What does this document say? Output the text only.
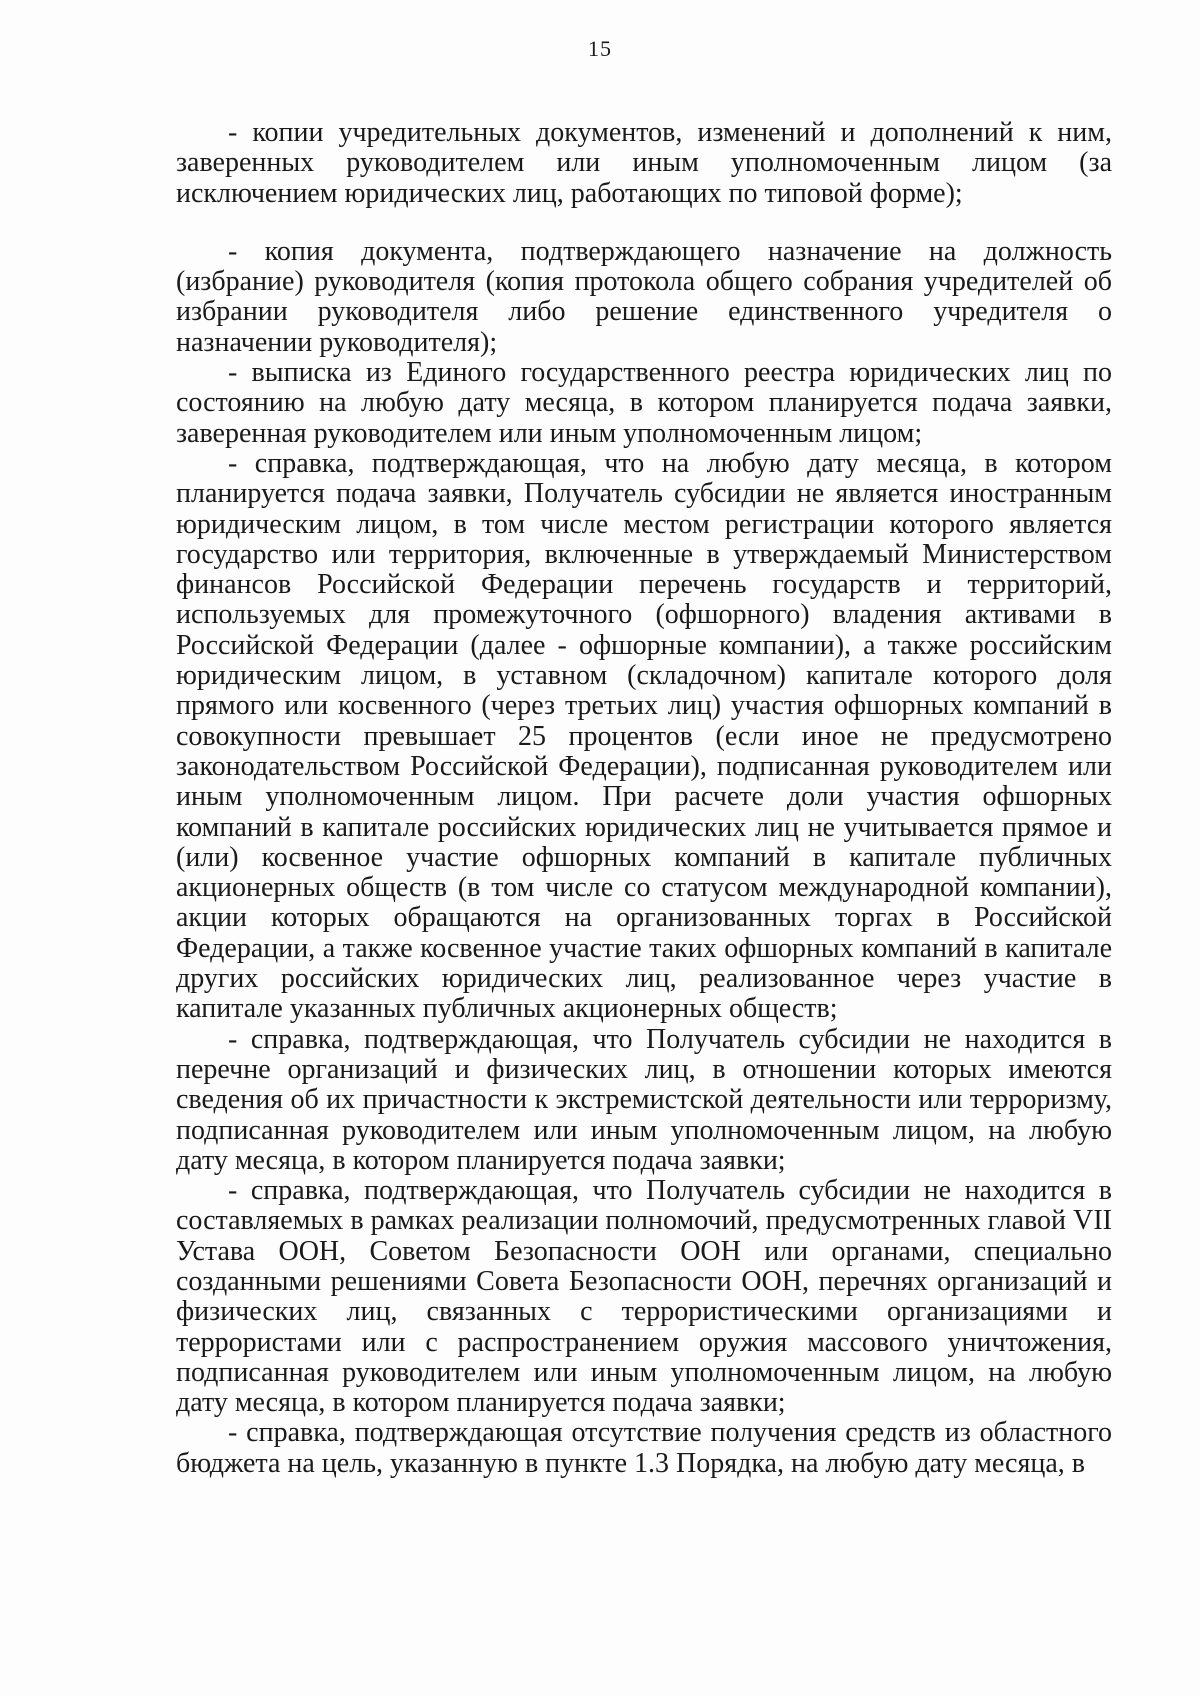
15

- копии учредительных документов, изменений и дополнений к ним, заверенных руководителем или иным уполномоченным лицом (за исключением юридических лиц, работающих по типовой форме);

- копия документа, подтверждающего назначение на должность (избрание) руководителя (копия протокола общего собрания учредителей об избрании руководителя либо решение единственного учредителя о назначении руководителя);

- выписка из Единого государственного реестра юридических лиц по состоянию на любую дату месяца, в котором планируется подача заявки, заверенная руководителем или иным уполномоченным лицом;

- справка, подтверждающая, что на любую дату месяца, в котором планируется подача заявки, Получатель субсидии не является иностранным юридическим лицом, в том числе местом регистрации которого является государство или территория, включенные в утверждаемый Министерством финансов Российской Федерации перечень государств и территорий, используемых для промежуточного (офшорного) владения активами в Российской Федерации (далее - офшорные компании), а также российским юридическим лицом, в уставном (складочном) капитале которого доля прямого или косвенного (через третьих лиц) участия офшорных компаний в совокупности превышает 25 процентов (если иное не предусмотрено законодательством Российской Федерации), подписанная руководителем или иным уполномоченным лицом. При расчете доли участия офшорных компаний в капитале российских юридических лиц не учитывается прямое и (или) косвенное участие офшорных компаний в капитале публичных акционерных обществ (в том числе со статусом международной компании), акции которых обращаются на организованных торгах в Российской Федерации, а также косвенное участие таких офшорных компаний в капитале других российских юридических лиц, реализованное через участие в капитале указанных публичных акционерных обществ;

- справка, подтверждающая, что Получатель субсидии не находится в перечне организаций и физических лиц, в отношении которых имеются сведения об их причастности к экстремистской деятельности или терроризму, подписанная руководителем или иным уполномоченным лицом, на любую дату месяца, в котором планируется подача заявки;

- справка, подтверждающая, что Получатель субсидии не находится в составляемых в рамках реализации полномочий, предусмотренных главой VII Устава ООН, Советом Безопасности ООН или органами, специально созданными решениями Совета Безопасности ООН, перечнях организаций и физических лиц, связанных с террористическими организациями и террористами или с распространением оружия массового уничтожения, подписанная руководителем или иным уполномоченным лицом, на любую дату месяца, в котором планируется подача заявки;

- справка, подтверждающая отсутствие получения средств из областного бюджета на цель, указанную в пункте 1.3 Порядка, на любую дату месяца, в
